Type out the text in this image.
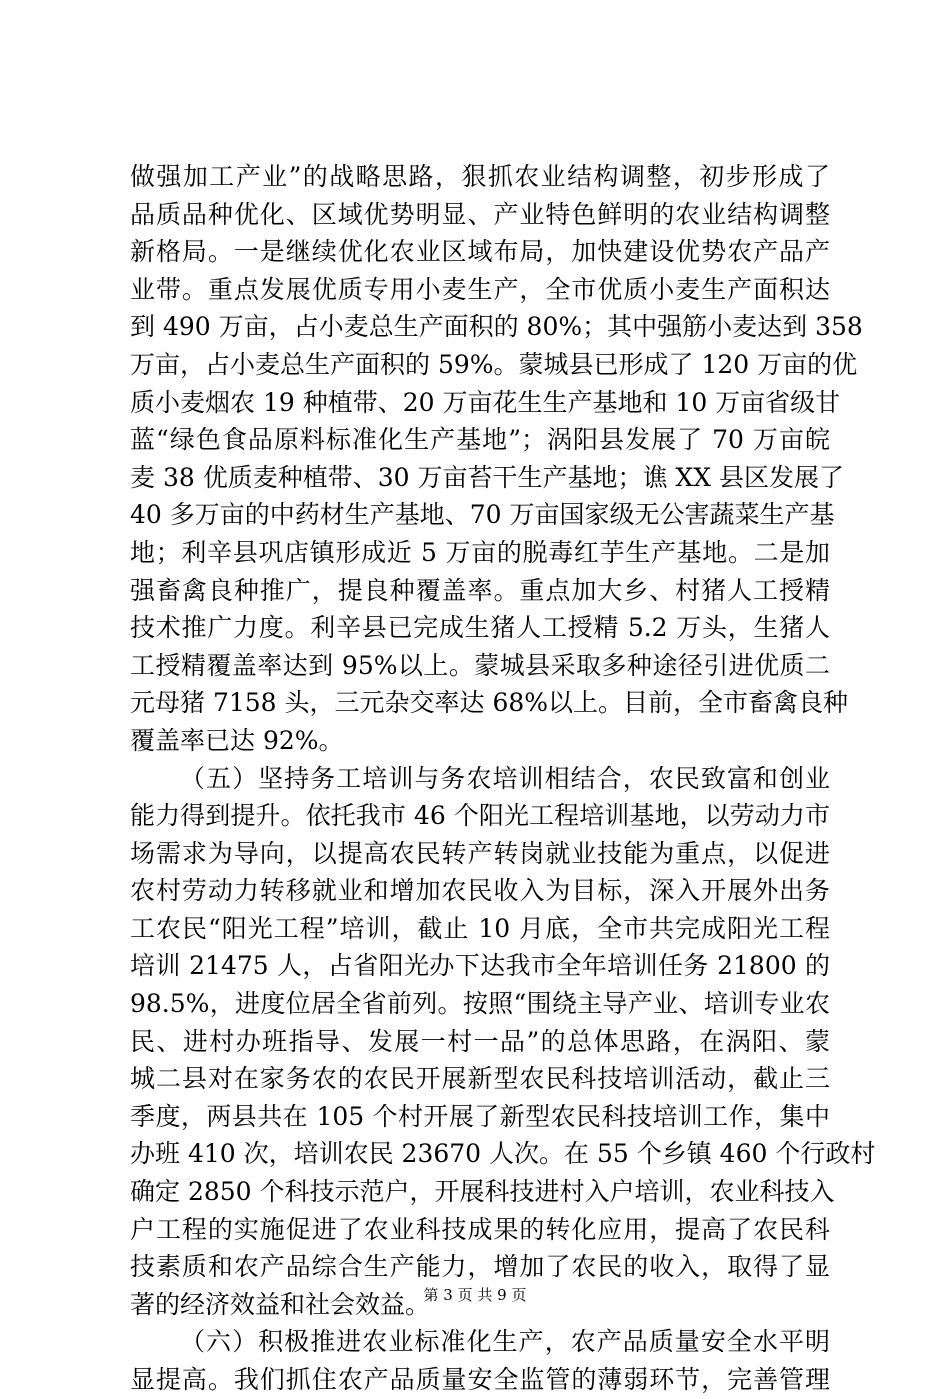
做强加工产业”的战略思路，狠抓农业结构调整，初步形成了
品质品种优化、区域优势明显、产业特色鲜明的农业结构调整
新格局。一是继续优化农业区域布局，加快建设优势农产品产
业带。重点发展优质专用小麦生产，全市优质小麦生产面积达
到 490 万亩，占小麦总生产面积的 80%；其中强筋小麦达到 358
万亩，占小麦总生产面积的 59%。蒙城县已形成了 120 万亩的优
质小麦烟农 19 种植带、20 万亩花生生产基地和 10 万亩省级甘
蓝“绿色食品原料标准化生产基地”；涡阳县发展了 70 万亩皖
麦 38 优质麦种植带、30 万亩苔干生产基地；谯 XX 县区发展了
40 多万亩的中药材生产基地、70 万亩国家级无公害蔬菜生产基
地；利辛县巩店镇形成近 5 万亩的脱毒红芋生产基地。二是加
强畜禽良种推广，提良种覆盖率。重点加大乡、村猪人工授精
技术推广力度。利辛县已完成生猪人工授精 5.2 万头，生猪人
工授精覆盖率达到 95%以上。蒙城县采取多种途径引进优质二
元母猪 7158 头，三元杂交率达 68%以上。目前，全市畜禽良种
覆盖率已达 92%。
（五）坚持务工培训与务农培训相结合，农民致富和创业
能力得到提升。依托我市 46 个阳光工程培训基地，以劳动力市
场需求为导向，以提高农民转产转岗就业技能为重点，以促进
农村劳动力转移就业和增加农民收入为目标，深入开展外出务
工农民“阳光工程”培训，截止 10 月底，全市共完成阳光工程
培训 21475 人，占省阳光办下达我市全年培训任务 21800 的
98.5%，进度位居全省前列。按照“围绕主导产业、培训专业农
民、进村办班指导、发展一村一品”的总体思路，在涡阳、蒙
城二县对在家务农的农民开展新型农民科技培训活动，截止三
季度，两县共在 105 个村开展了新型农民科技培训工作，集中
办班 410 次，培训农民 23670 人次。在 55 个乡镇 460 个行政村
确定 2850 个科技示范户，开展科技进村入户培训，农业科技入
户工程的实施促进了农业科技成果的转化应用，提高了农民科
技素质和农产品综合生产能力，增加了农民的收入，取得了显
著的经济效益和社会效益。
（六）积极推进农业标准化生产，农产品质量安全水平明
显提高。我们抓住农产品质量安全监管的薄弱环节，完善管理
第 3 页 共 9 页
